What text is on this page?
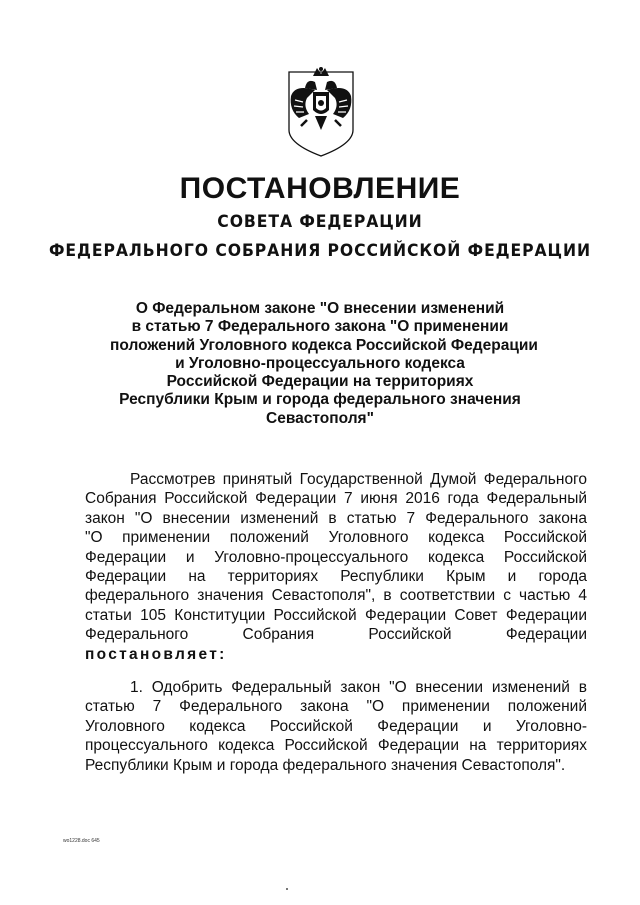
ПОСТАНОВЛЕНИЕ
СОВЕТА ФЕДЕРАЦИИ
ФЕДЕРАЛЬНОГО СОБРАНИЯ РОССИЙСКОЙ ФЕДЕРАЦИИ
О Федеральном законе "О внесении изменений
в статью 7 Федерального закона "О применении
положений Уголовного кодекса Российской Федерации
и Уголовно-процессуального кодекса
Российской Федерации на территориях
Республики Крым и города федерального значения
Севастополя"
Рассмотрев принятый Государственной Думой Федерального
Собрания Российской Федерации 7 июня 2016 года Федеральный
закон "О внесении изменений в статью 7 Федерального закона
"О применении положений Уголовного кодекса Российской
Федерации и Уголовно-процессуального кодекса Российской
Федерации на территориях Республики Крым и города
федерального значения Севастополя", в соответствии с частью 4
статьи 105 Конституции Российской Федерации Совет Федерации
Федерального Собрания Российской Федерации
постановляет:
1. Одобрить Федеральный закон "О внесении изменений в
статью 7 Федерального закона "О применении положений
Уголовного кодекса Российской Федерации и Уголовно-
процессуального кодекса Российской Федерации на территориях
Республики Крым и города федерального значения Севастополя".
wo1228.doc 645
